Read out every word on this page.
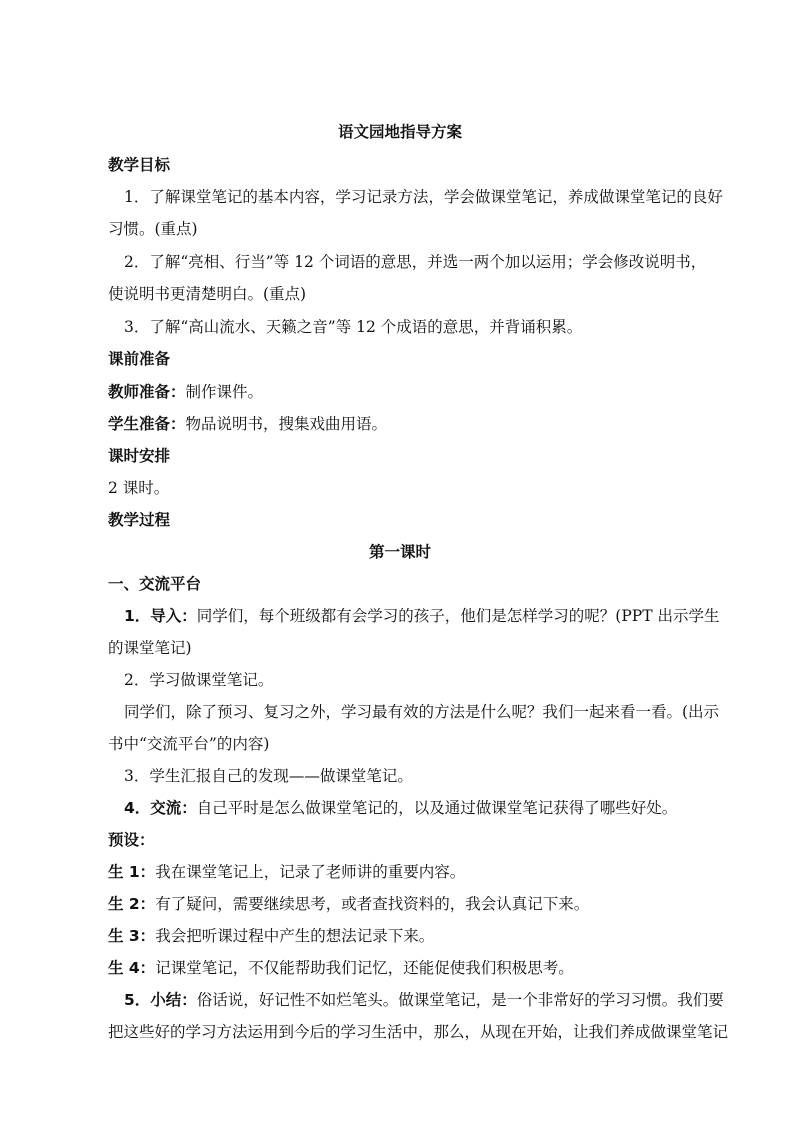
语文园地指导方案
教学目标
1．了解课堂笔记的基本内容，学习记录方法，学会做课堂笔记，养成做课堂笔记的良好
习惯。(重点)
2．了解“亮相、行当”等 12 个词语的意思，并选一两个加以运用；学会修改说明书，
使说明书更清楚明白。(重点)
3．了解“高山流水、天籁之音”等 12 个成语的意思，并背诵积累。
课前准备
教师准备：制作课件。
学生准备：物品说明书，搜集戏曲用语。
课时安排
2 课时。
教学过程
第一课时
一、交流平台
1．导入：同学们，每个班级都有会学习的孩子，他们是怎样学习的呢？(PPT 出示学生
的课堂笔记)
2．学习做课堂笔记。
同学们，除了预习、复习之外，学习最有效的方法是什么呢？我们一起来看一看。(出示
书中“交流平台”的内容)
3．学生汇报自己的发现——做课堂笔记。
4．交流：自己平时是怎么做课堂笔记的，以及通过做课堂笔记获得了哪些好处。
预设：
生 1：我在课堂笔记上，记录了老师讲的重要内容。
生 2：有了疑问，需要继续思考，或者查找资料的，我会认真记下来。
生 3：我会把听课过程中产生的想法记录下来。
生 4：记课堂笔记，不仅能帮助我们记忆，还能促使我们积极思考。
5．小结：俗话说，好记性不如烂笔头。做课堂笔记，是一个非常好的学习习惯。我们要
把这些好的学习方法运用到今后的学习生活中，那么，从现在开始，让我们养成做课堂笔记
